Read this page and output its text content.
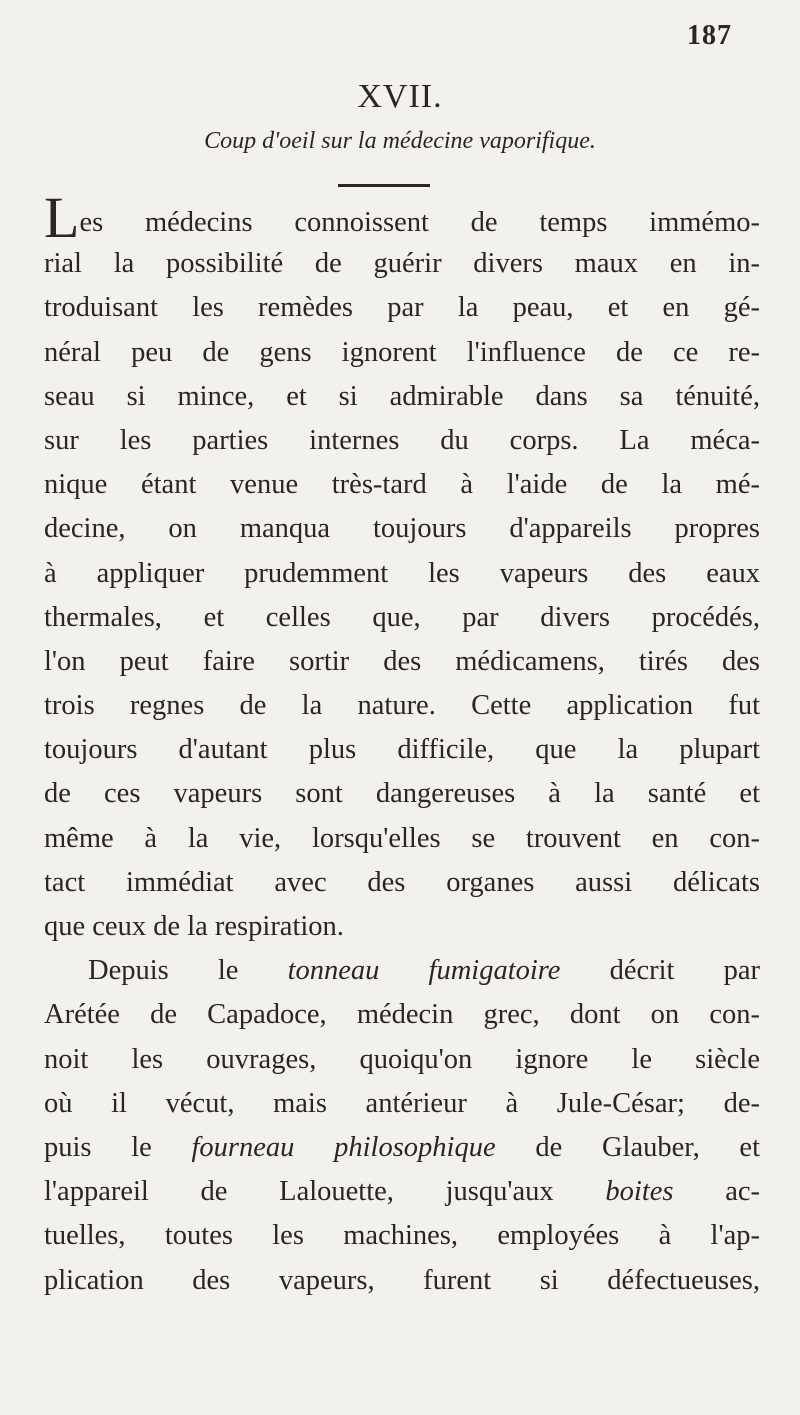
187
XVII.
Coup d'oeil sur la médecine vaporifique.
Les médecins connoissent de temps immémo-
rial la possibilité de guérir divers maux en in-
troduisant les remèdes par la peau, et en gé-
néral peu de gens ignorent l'influence de ce re-
seau si mince, et si admirable dans sa ténuité,
sur les parties internes du corps. La méca-
nique étant venue très-tard à l'aide de la mé-
decine, on manqua toujours d'appareils propres
à appliquer prudemment les vapeurs des eaux
thermales, et celles que, par divers procédés,
l'on peut faire sortir des médicamens, tirés des
trois regnes de la nature. Cette application fut
toujours d'autant plus difficile, que la plupart
de ces vapeurs sont dangereuses à la santé et
même à la vie, lorsqu'elles se trouvent en con-
tact immédiat avec des organes aussi délicats
que ceux de la respiration.
Depuis le tonneau fumigatoire décrit par
Arétée de Capadoce, médecin grec, dont on con-
noit les ouvrages, quoiqu'on ignore le siècle
où il vécut, mais antérieur à Jule-César; de-
puis le fourneau philosophique de Glauber, et
l'appareil de Lalouette, jusqu'aux boites ac-
tuelles, toutes les machines, employées à l'ap-
plication des vapeurs, furent si défectueuses,
